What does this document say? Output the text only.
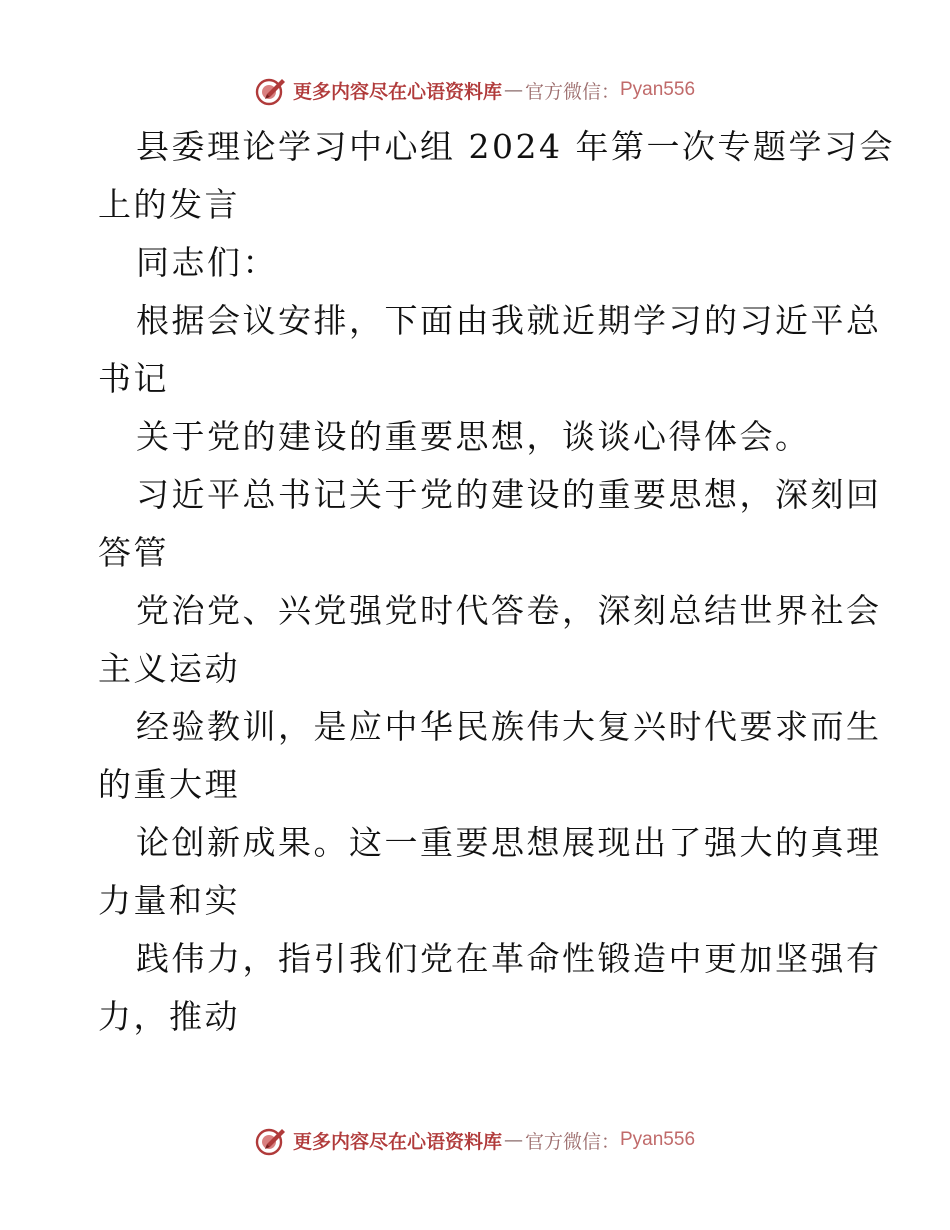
更多内容尽在心语资料库 — 官方微信： Pyan556
县委理论学习中心组 2024 年第一次专题学习会
上的发言
同志们：
根据会议安排，下面由我就近期学习的习近平总
书记
关于党的建设的重要思想，谈谈心得体会。
习近平总书记关于党的建设的重要思想，深刻回
答管
党治党、兴党强党时代答卷，深刻总结世界社会
主义运动
经验教训，是应中华民族伟大复兴时代要求而生
的重大理
论创新成果。这一重要思想展现出了强大的真理
力量和实
践伟力，指引我们党在革命性锻造中更加坚强有
力，推动
更多内容尽在心语资料库 — 官方微信： Pyan556
